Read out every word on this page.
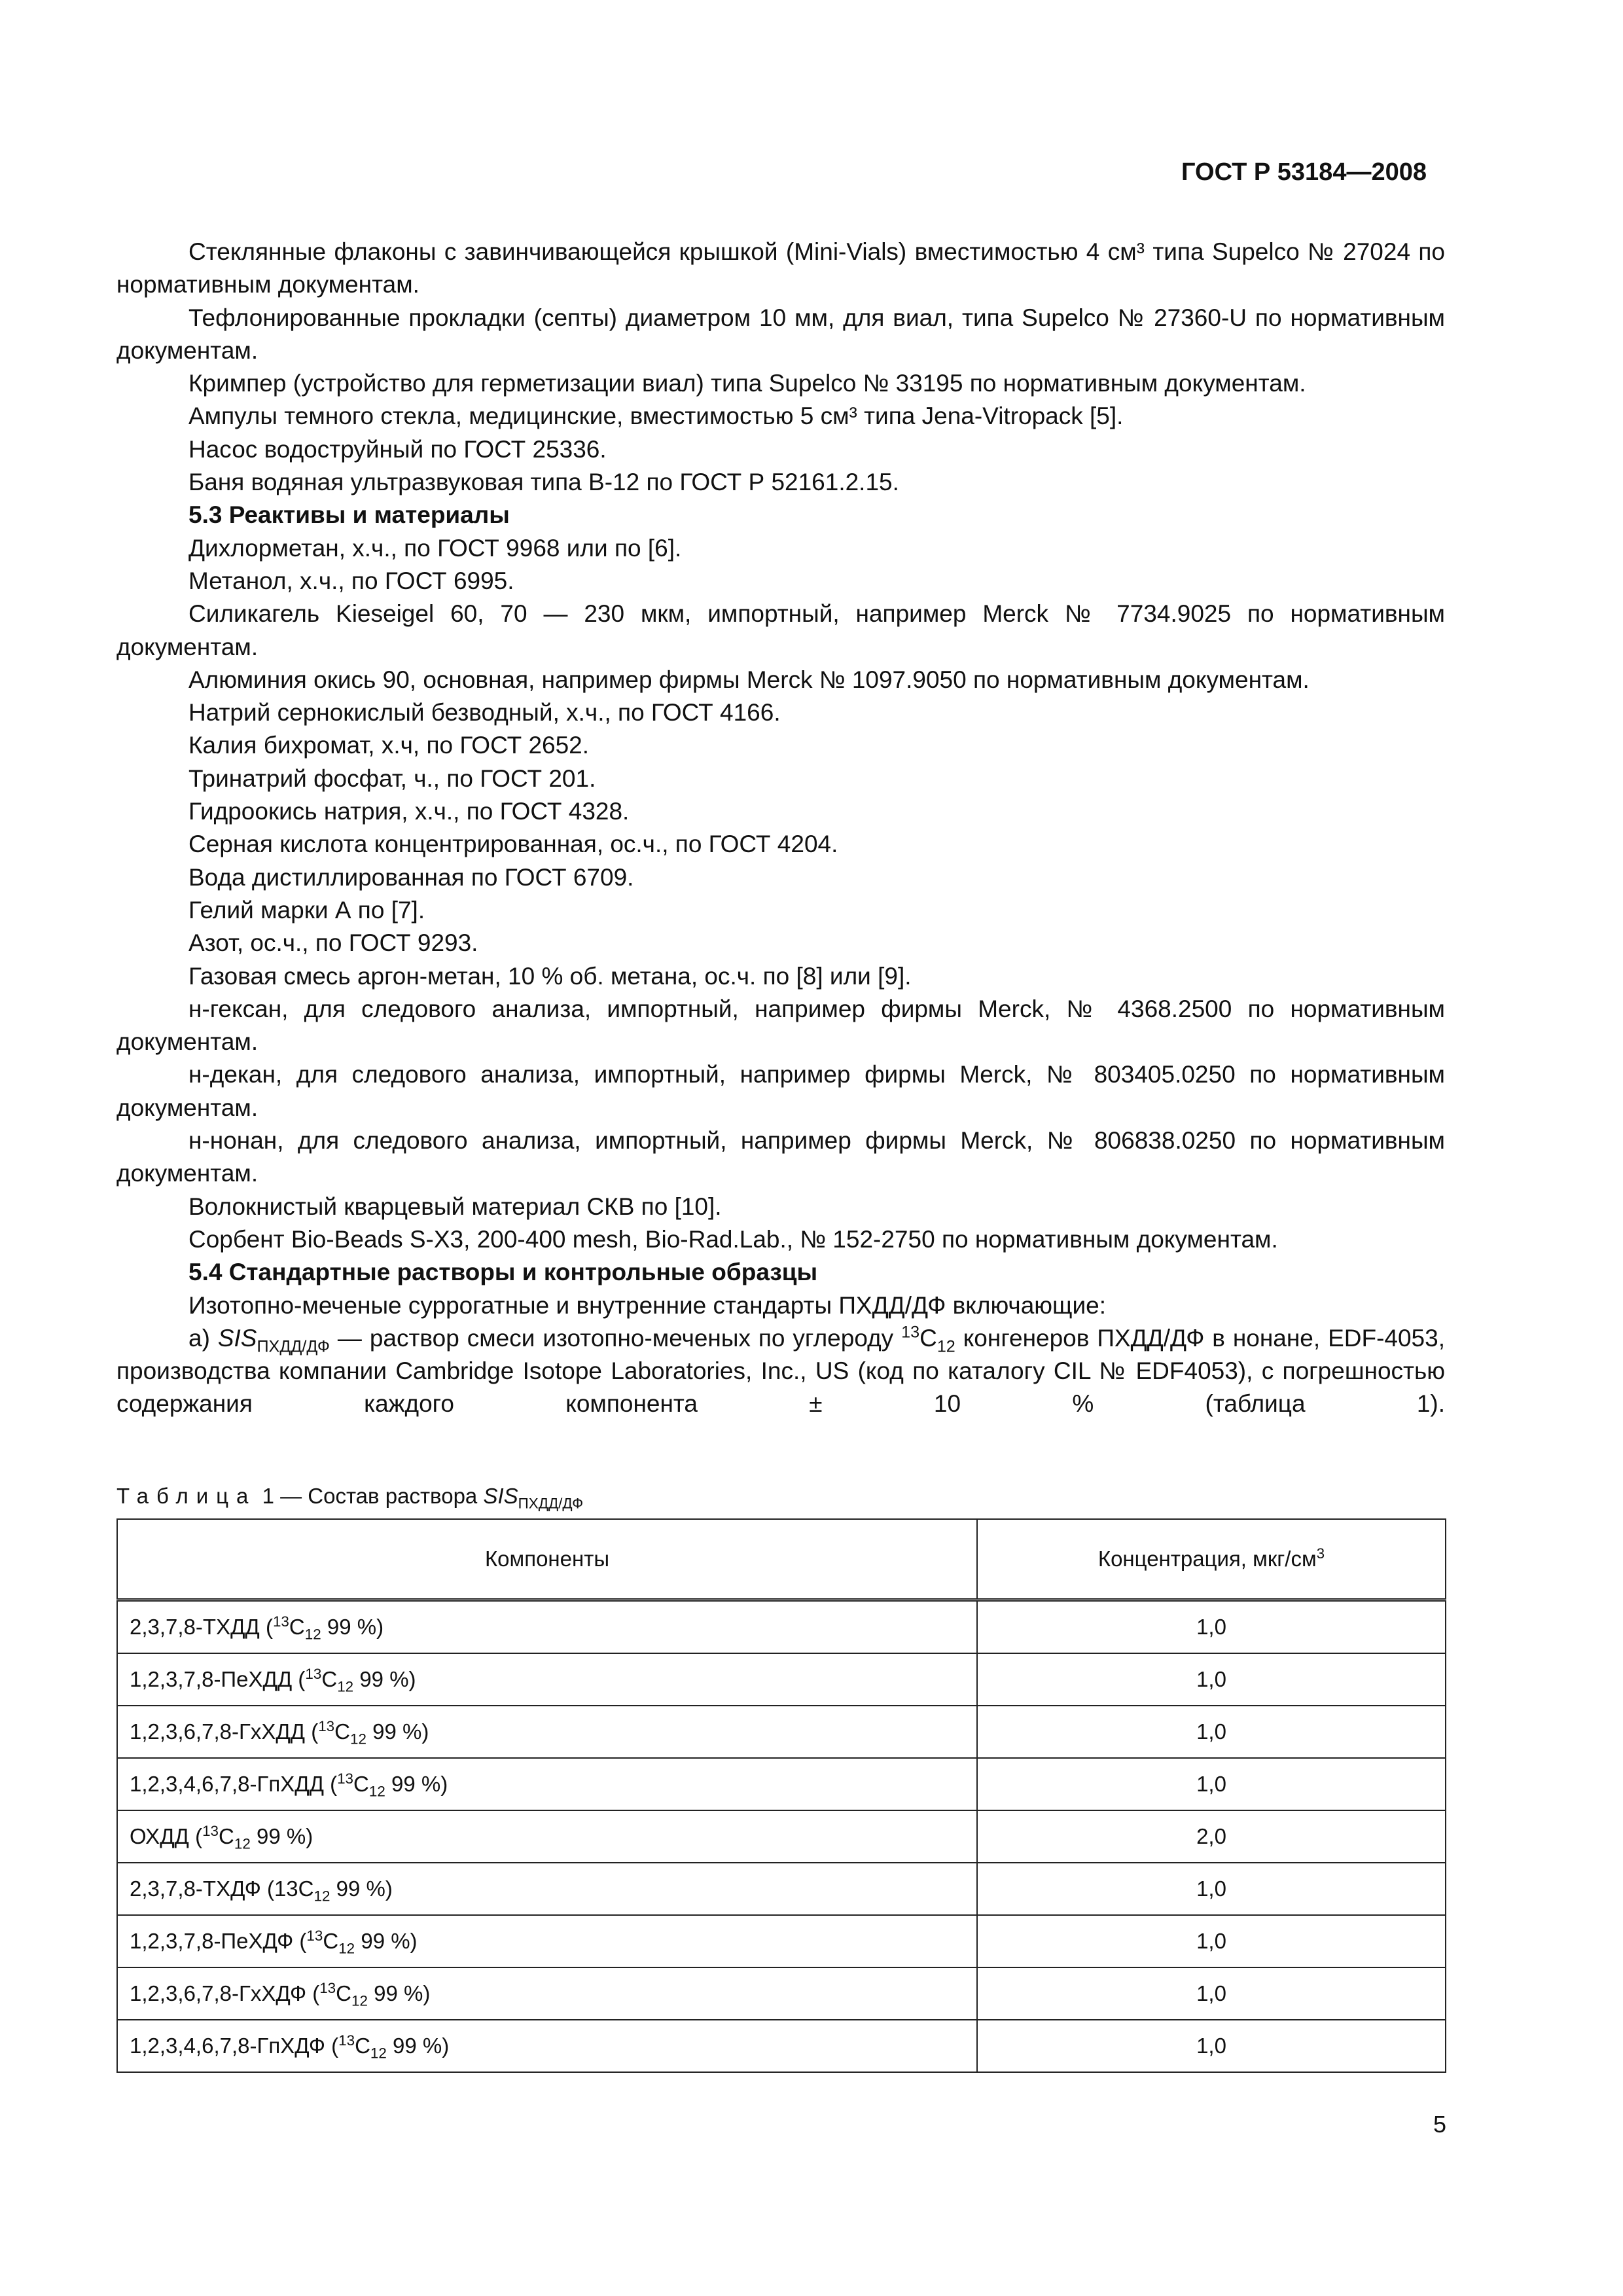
ГОСТ Р 53184—2008

Стеклянные флаконы с завинчивающейся крышкой (Mini-Vials) вместимостью 4 см³ типа Supelco № 27024 по нормативным документам.

Тефлонированные прокладки (септы) диаметром 10 мм, для виал, типа Supelco № 27360-U по нормативным документам.

Кримпер (устройство для герметизации виал) типа Supelco № 33195 по нормативным документам.

Ампулы темного стекла, медицинские, вместимостью 5 см³ типа Jena-Vitropack [5].

Насос водоструйный по ГОСТ 25336.

Баня водяная ультразвуковая типа В-12 по ГОСТ Р 52161.2.15.

5.3 Реактивы и материалы

Дихлорметан, х.ч., по ГОСТ 9968 или по [6].

Метанол, х.ч., по ГОСТ 6995.

Силикагель Kieseigel 60, 70 — 230 мкм, импортный, например Merck № 7734.9025 по нормативным документам.

Алюминия окись 90, основная, например фирмы Merck № 1097.9050 по нормативным документам.

Натрий сернокислый безводный, х.ч., по ГОСТ 4166.

Калия бихромат, х.ч, по ГОСТ 2652.

Тринатрий фосфат, ч., по ГОСТ 201.

Гидроокись натрия, х.ч., по ГОСТ 4328.

Серная кислота концентрированная, ос.ч., по ГОСТ 4204.

Вода дистиллированная по ГОСТ 6709.

Гелий марки А по [7].

Азот, ос.ч., по ГОСТ 9293.

Газовая смесь аргон-метан, 10 % об. метана, ос.ч. по [8] или [9].

н-гексан, для следового анализа, импортный, например фирмы Merck, № 4368.2500 по нормативным документам.

н-декан, для следового анализа, импортный, например фирмы Merck, № 803405.0250 по нормативным документам.

н-нонан, для следового анализа, импортный, например фирмы Merck, № 806838.0250 по нормативным документам.

Волокнистый кварцевый материал СКВ по [10].

Сорбент Bio-Beads S-X3, 200-400 mesh, Bio-Rad.Lab., № 152-2750 по нормативным документам.

5.4 Стандартные растворы и контрольные образцы

Изотопно-меченые суррогатные и внутренние стандарты ПХДД/ДФ включающие:

а) $SIS_{ПХДД/ДФ}$ — раствор смеси изотопно-меченых по углероду $^{13}C_{12}$ конгенеров ПХДД/ДФ в нонане, EDF-4053, производства компании Cambridge Isotope Laboratories, Inc., US (код по каталогу CIL № EDF4053), с погрешностью содержания каждого компонента ± 10 % (таблица 1).

Таблица 1 — Состав раствора $SIS_{ПХДД/ДФ}$
Компоненты	Концентрация, мкг/$см^3$
2,3,7,8-ТХДД ($^{13}C_{12}$ 99 %)	1,0
1,2,3,7,8-ПеХДД ($^{13}C_{12}$ 99 %)	1,0
1,2,3,6,7,8-ГхХДД ($^{13}C_{12}$ 99 %)	1,0
1,2,3,4,6,7,8-ГпХДД ($^{13}C_{12}$ 99 %)	1,0
ОХДД ($^{13}C_{12}$ 99 %)	2,0
2,3,7,8-ТХДФ ($13С_{12}$ 99 %)	1,0
1,2,3,7,8-ПеХДФ ($^{13}C_{12}$ 99 %)	1,0
1,2,3,6,7,8-ГхХДФ ($^{13}C_{12}$ 99 %)	1,0
1,2,3,4,6,7,8-ГпХДФ ($^{13}C_{12}$ 99 %)	1,0
5
